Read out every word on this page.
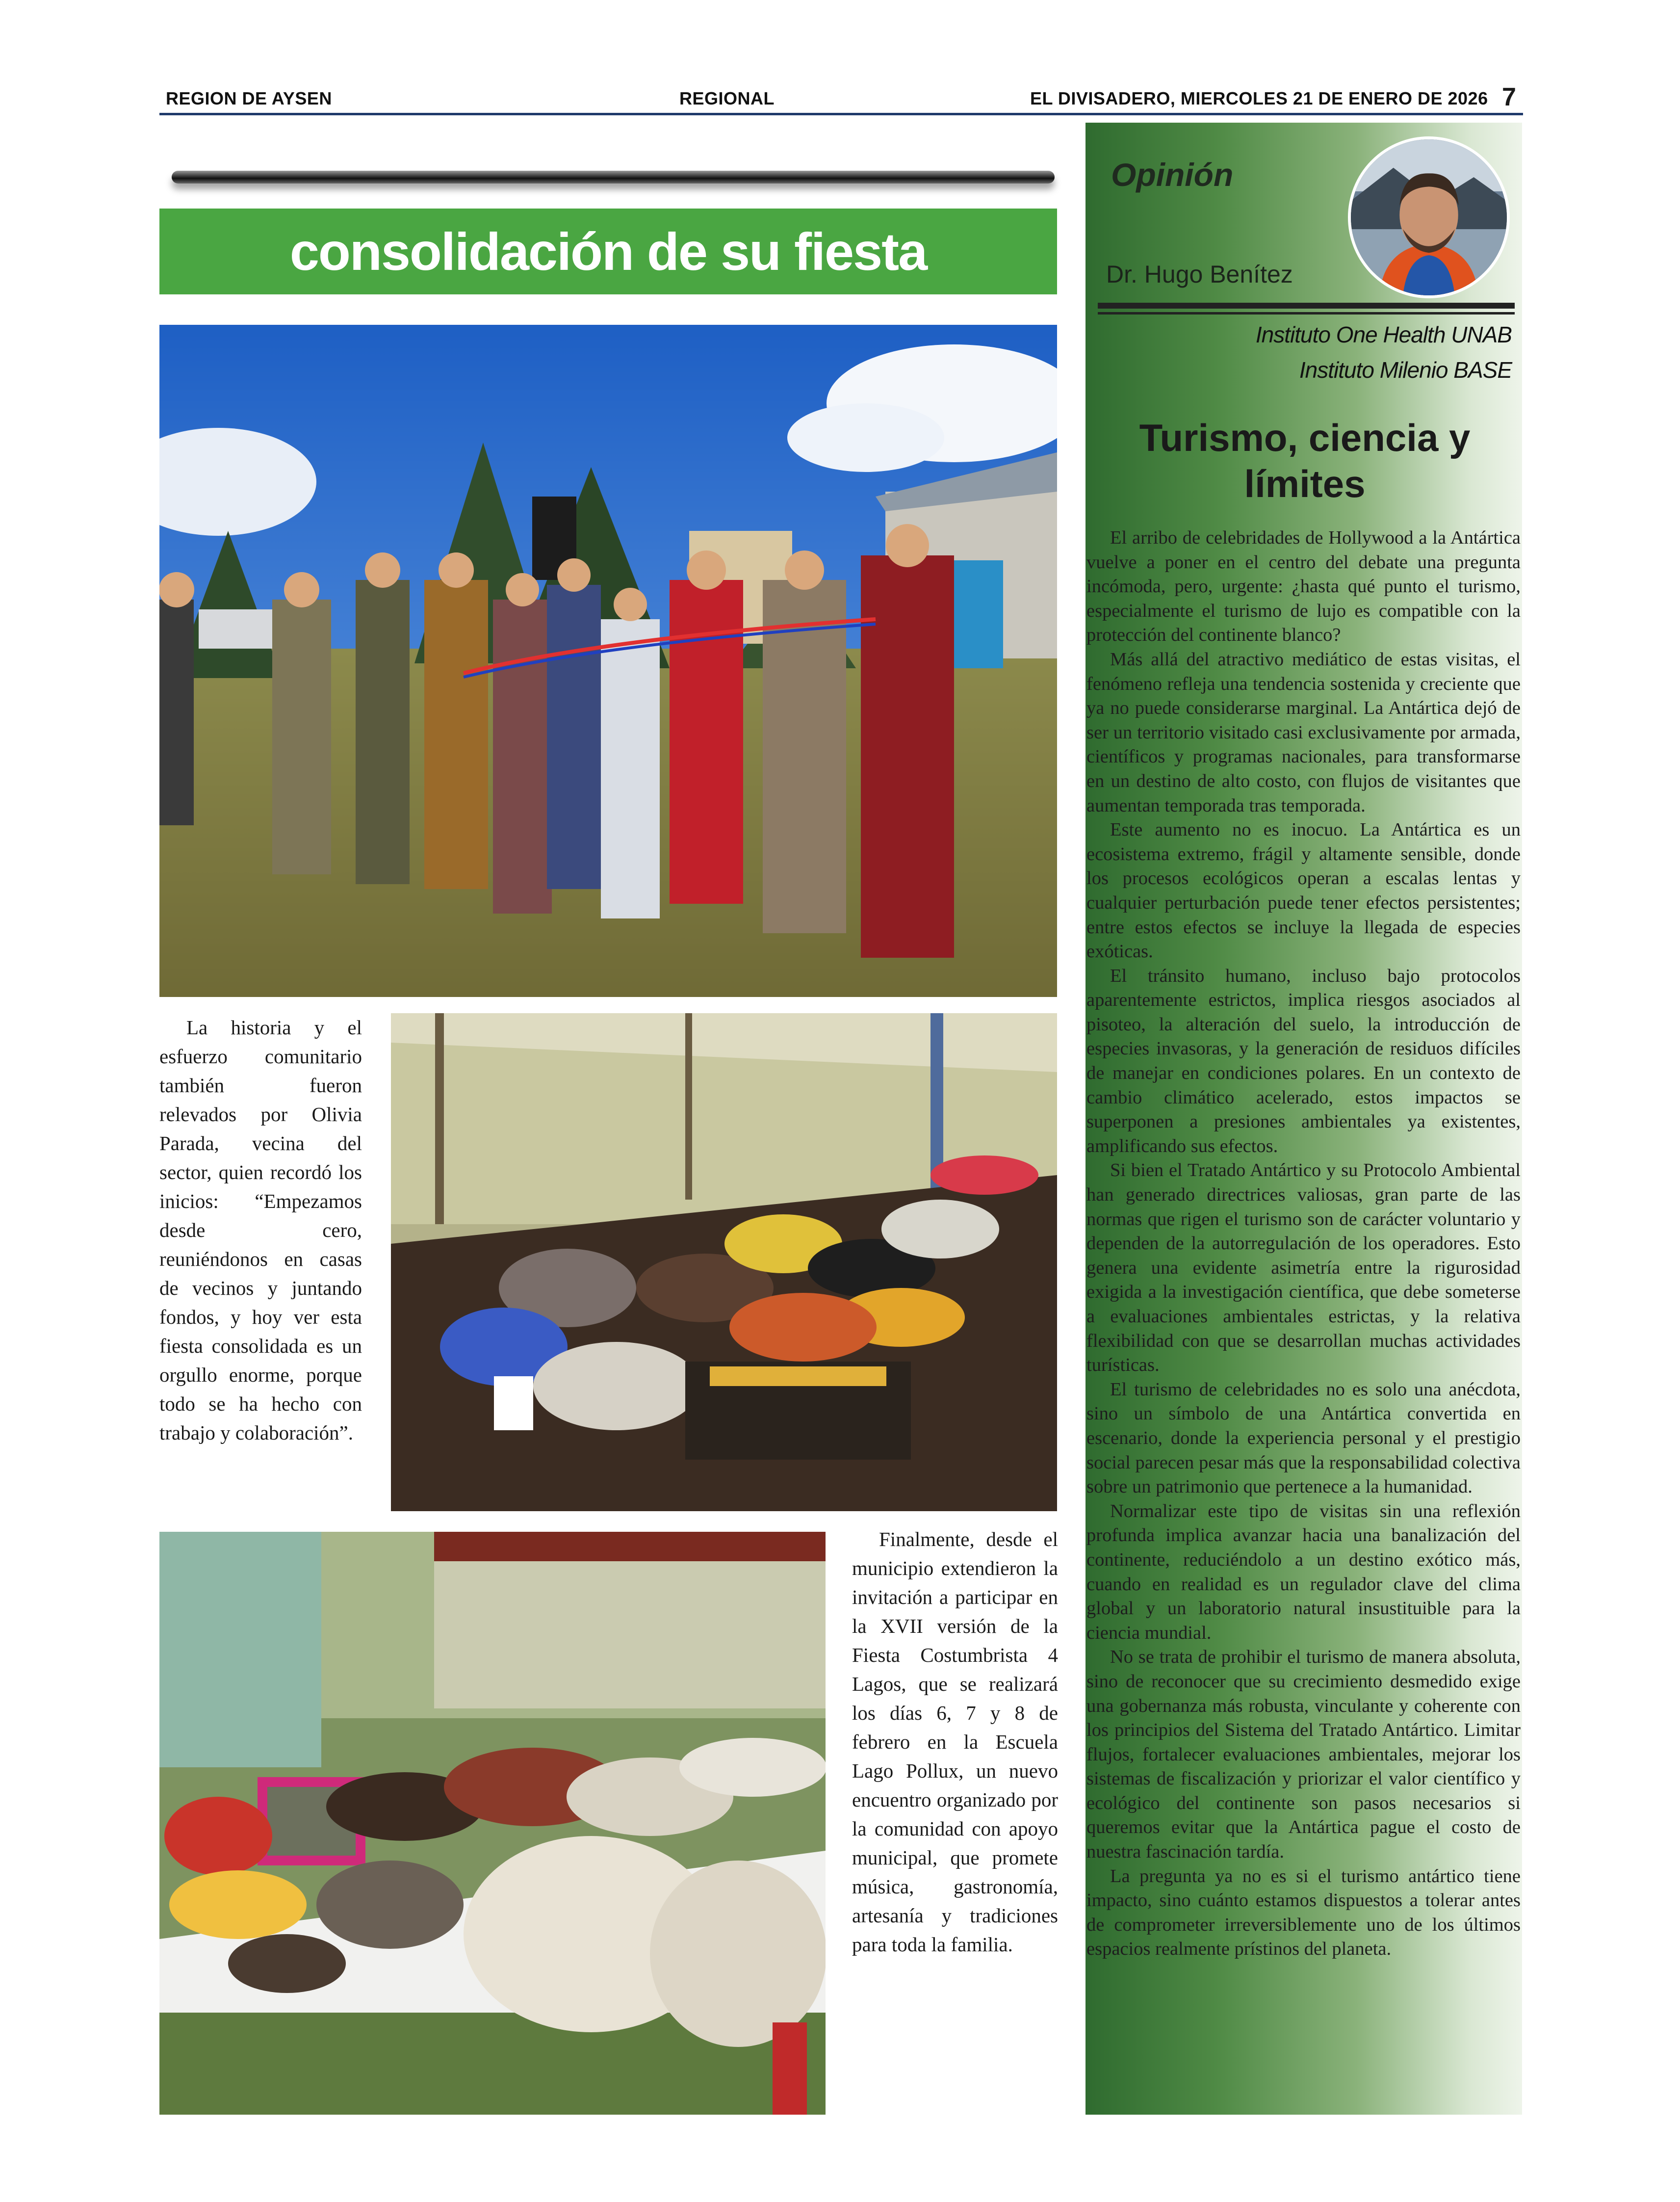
REGION DE AYSEN	REGIONAL	EL DIVISADERO, MIERCOLES 21 DE ENERO DE 2026 7
consolidación de su fiesta

La historia y el esfuerzo comunitario también fueron relevados por Olivia Parada, vecina del sector, quien recordó los inicios: “Empezamos desde cero, reuniéndonos en casas de vecinos y juntando fondos, y hoy ver esta fiesta consolidada es un orgullo enorme, porque todo se ha hecho con trabajo y colaboración”.

Finalmente, desde el municipio extendieron la invitación a participar en la XVII versión de la Fiesta Costumbrista 4 Lagos, que se realizará los días 6, 7 y 8 de febrero en la Escuela Lago Pollux, un nuevo encuentro organizado por la comunidad con apoyo municipal, que promete música, gastronomía, artesanía y tradiciones para toda la familia.

Opinión
Dr. Hugo Benítez
Instituto One Health UNAB
Instituto Milenio BASE
Turismo, ciencia y
límites

El arribo de celebridades de Hollywood a la Antártica vuelve a poner en el centro del debate una pregunta incómoda, pero, urgente: ¿hasta qué punto el turismo, especialmente el turismo de lujo es compatible con la protección del continente blanco?

Más allá del atractivo mediático de estas visitas, el fenómeno refleja una tendencia sostenida y creciente que ya no puede considerarse marginal. La Antártica dejó de ser un territorio visitado casi exclusivamente por armada, científicos y programas nacionales, para transformarse en un destino de alto costo, con flujos de visitantes que aumentan temporada tras temporada.

Este aumento no es inocuo. La Antártica es un ecosistema extremo, frágil y altamente sensible, donde los procesos ecológicos operan a escalas lentas y cualquier perturbación puede tener efectos persistentes; entre estos efectos se incluye la llegada de especies exóticas.

El tránsito humano, incluso bajo protocolos aparentemente estrictos, implica riesgos asociados al pisoteo, la alteración del suelo, la introducción de especies invasoras, y la generación de residuos difíciles de manejar en condiciones polares. En un contexto de cambio climático acelerado, estos impactos se superponen a presiones ambientales ya existentes, amplificando sus efectos.

Si bien el Tratado Antártico y su Protocolo Ambiental han generado directrices valiosas, gran parte de las normas que rigen el turismo son de carácter voluntario y dependen de la autorregulación de los operadores. Esto genera una evidente asimetría entre la rigurosidad exigida a la investigación científica, que debe someterse a evaluaciones ambientales estrictas, y la relativa flexibilidad con que se desarrollan muchas actividades turísticas.

El turismo de celebridades no es solo una anécdota, sino un símbolo de una Antártica convertida en escenario, donde la experiencia personal y el prestigio social parecen pesar más que la responsabilidad colectiva sobre un patrimonio que pertenece a la humanidad.

Normalizar este tipo de visitas sin una reflexión profunda implica avanzar hacia una banalización del continente, reduciéndolo a un destino exótico más, cuando en realidad es un regulador clave del clima global y un laboratorio natural insustituible para la ciencia mundial.

No se trata de prohibir el turismo de manera absoluta, sino de reconocer que su crecimiento desmedido exige una gobernanza más robusta, vinculante y coherente con los principios del Sistema del Tratado Antártico. Limitar flujos, fortalecer evaluaciones ambientales, mejorar los sistemas de fiscalización y priorizar el valor científico y ecológico del continente son pasos necesarios si queremos evitar que la Antártica pague el costo de nuestra fascinación tardía.

La pregunta ya no es si el turismo antártico tiene impacto, sino cuánto estamos dispuestos a tolerar antes de comprometer irreversiblemente uno de los últimos espacios realmente prístinos del planeta.
